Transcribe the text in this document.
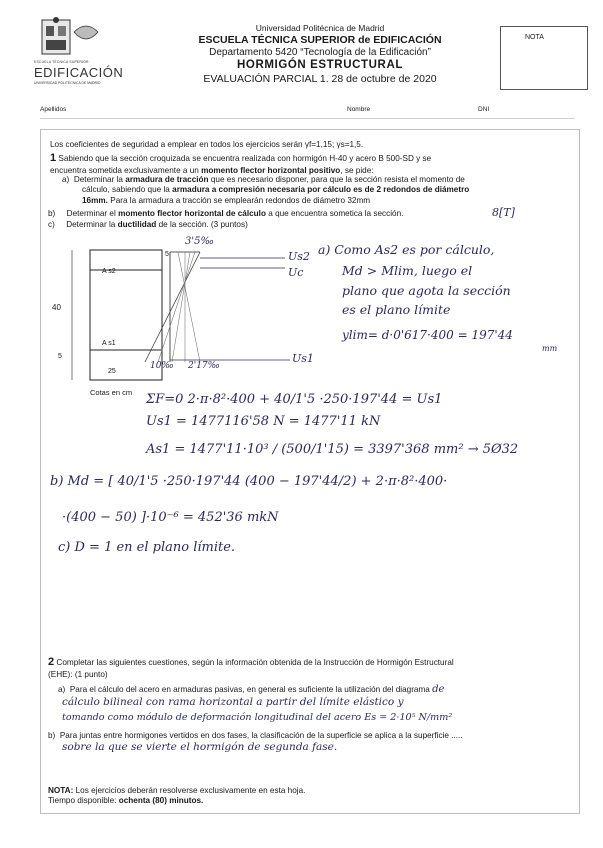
ESCUELA TÉCNICA SUPERIOR
EDIFICACIÓN
UNIVERSIDAD POLITÉCNICA DE MADRID
Universidad Politécnica de Madrid
ESCUELA TÉCNICA SUPERIOR de EDIFICACIÓN
Departamento 5420 “Tecnología de la Edificación”
HORMIGÓN ESTRUCTURAL
EVALUACIÓN PARCIAL 1. 28 de octubre de 2020
NOTA
Apellidos	Nombre	DNI
Los coeficientes de seguridad a emplear en todos los ejercicios serán γf=1,15; γs=1,5.
1 Sabiendo que la sección croquizada se encuentra realizada con hormigón H-40 y acero B 500-SD y se
encuentra sometida exclusivamente a un momento flector horizontal positivo, se pide:
a) Determinar la armadura de tracción que es necesario disponer, para que la sección resista el momento de
cálculo, sabiendo que la armadura a compresión necesaria por cálculo es de 2 redondos de diámetro
16mm. Para la armadura a tracción se emplearán redondos de diámetro 32mm
b) Determinar el momento flector horizontal de cálculo a que encuentra sometica la sección.	8[T]
c) Determinar la ductilidad de la sección. (3 puntos)
5
A s2
40
A s1
5
25
Cotas en cm
3'5‰
10‰ 2'17‰
Us2
Uc
Us1
a) Como As2 es por cálculo,
Md > Mlim, luego el
plano que agota la sección
es el plano límite
ylim= d·0'617·400 = 197'44
mm
ΣF=0 2·π·8²·400 + 40/1'5 ·250·197'44 = Us1
Us1 = 1477116'58 N = 1477'11 kN
As1 = 1477'11·10³ / (500/1'15) = 3397'368 mm² → 5Ø32
b) Md = [ 40/1'5 ·250·197'44 (400 − 197'44/2) + 2·π·8²·400·
·(400 − 50) ]·10⁻⁶ = 452'36 mkN
c) D = 1 en el plano límite.
2 Completar las siguientes cuestiones, según la información obtenida de la Instrucción de Hormigón Estructural
(EHE): (1 punto)
a) Para el cálculo del acero en armaduras pasivas, en general es suficiente la utilización del diagrama de
cálculo bilineal con rama horizontal a partir del límite elástico y
tomando como módulo de deformación longitudinal del acero Es = 2·10⁵ N/mm²
b) Para juntas entre hormigones vertidos en dos fases, la clasificación de la superficie se aplica a la superficie .....
sobre la que se vierte el hormigón de segunda fase.
NOTA: Los ejercicios deberán resolverse exclusivamente en esta hoja.
Tiempo disponible: ochenta (80) minutos.
